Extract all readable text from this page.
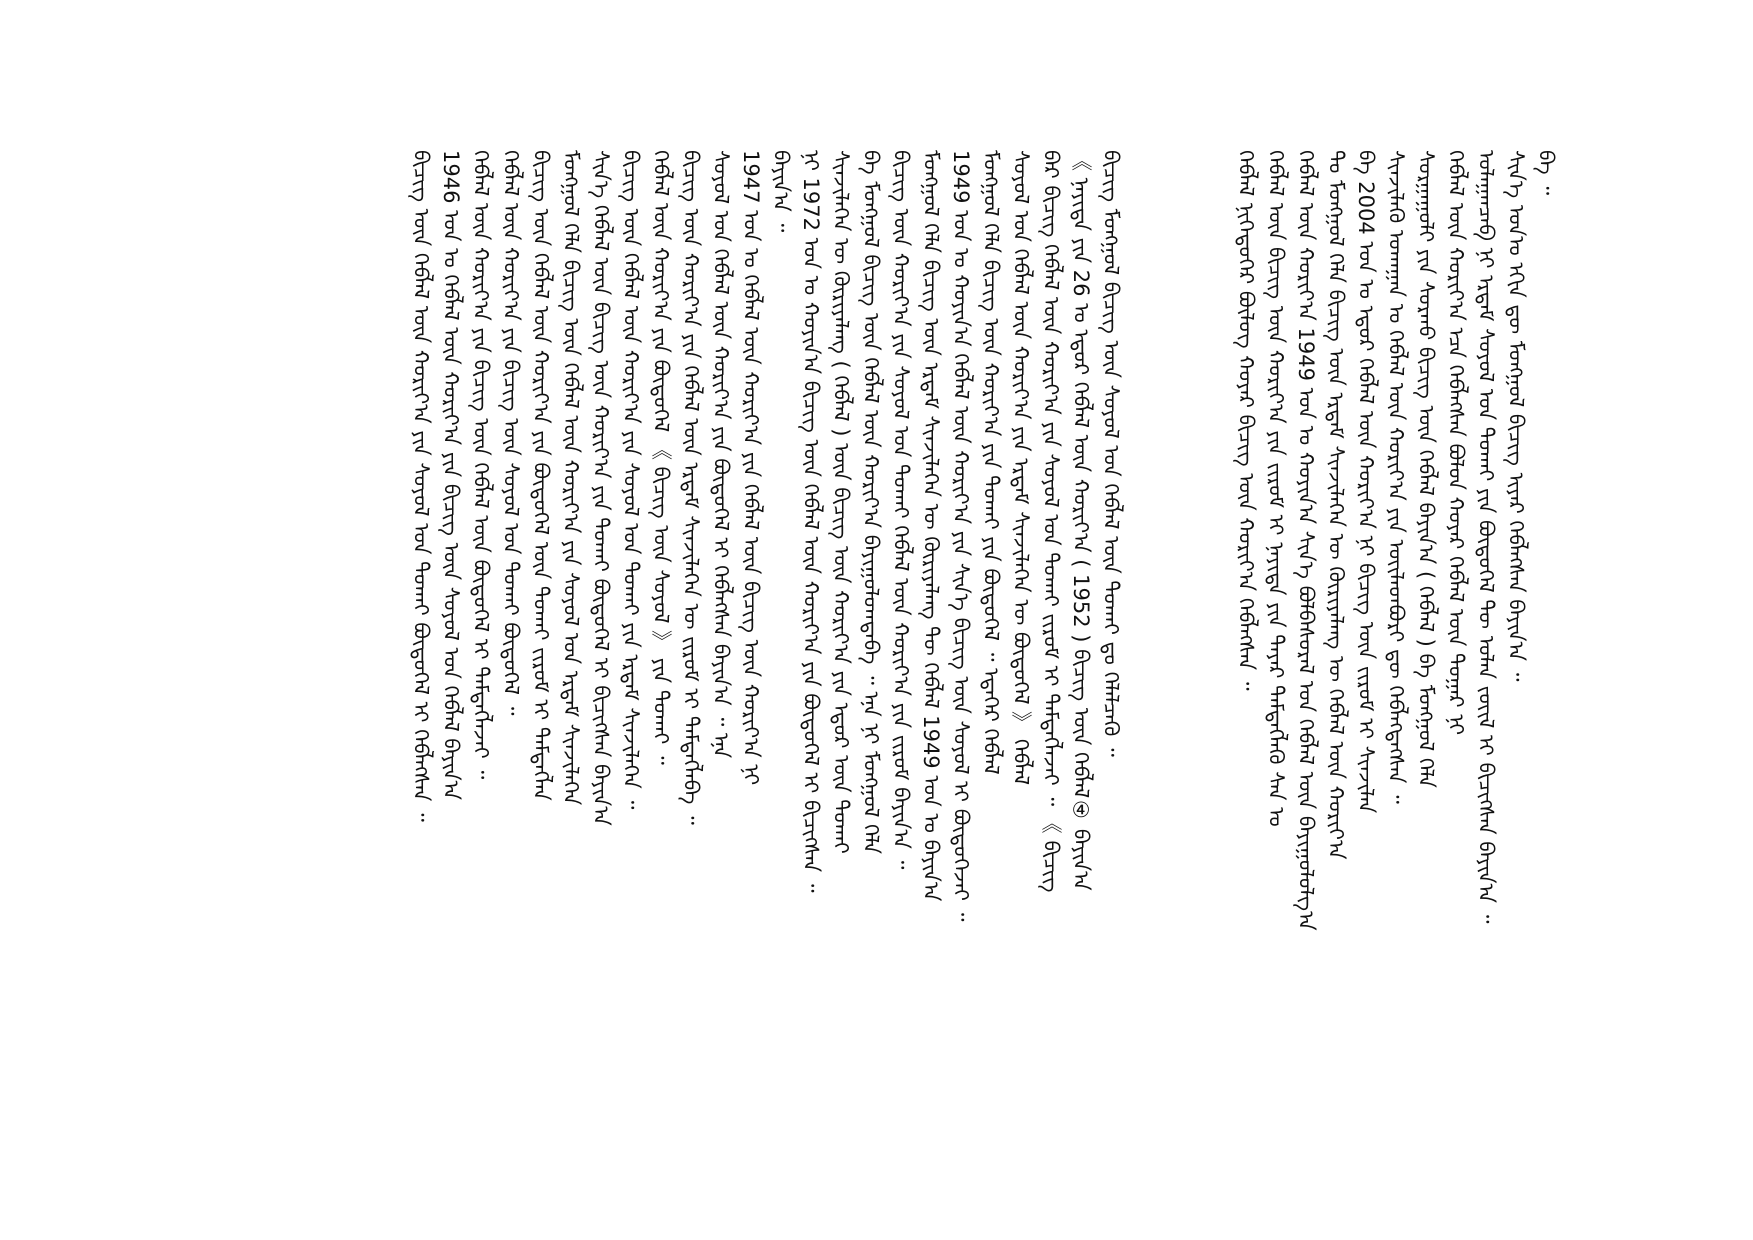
ᠪᠡ ᠃
ᠰᠢᠨ᠎ᠡ ᠣᠨ᠎ᠤ ᠡᠬᠢᠨ ᠳᠦ ᠮᠣᠩᠭᠤᠯ ᠪᠢᠴᠢᠭ ᠢᠶᠡᠷ ᠬᠡᠪᠯᠡᠭᠰᠡᠨ ᠪᠠᠶᠢᠨ᠎ᠠ ᠃
ᠤᠯᠠᠭᠠᠨᠴᠠᠪ ᠨᠢ ᠡᠷᠳᠡᠮ ᠰᠣᠶᠣᠯ ᠤᠨ ᠲᠤᠬᠠᠢ ᠶᠢᠨ ᠪᠦᠲᠦᠭᠡᠯ ᠲᠦ ᠣᠯᠠᠨ ᠵᠦᠢᠯ ᠢ ᠪᠢᠴᠢᠭᠰᠡᠨ ᠪᠠᠶᠢᠨ᠎ᠠ ᠃
ᠬᠡᠪᠯᠡᠯ ᠦᠨ ᠬᠣᠷᠢᠶ᠎ᠠ ᠡᠴᠡ ᠬᠡᠪᠯᠡᠭᠰᠡᠨ ᠪᠣᠯᠤᠨ ᠬᠣᠶᠠᠷ ᠬᠡᠪᠯᠡᠯ ᠦᠨ ᠳᠤᠭᠠᠷ ᠨᠢ
ᠰᠤᠷᠭᠠᠭᠤᠯᠢ ᠶᠢᠨ ᠰᠤᠷᠬᠤ ᠪᠢᠴᠢᠭ ᠦᠨ ᠬᠡᠪᠯᠡᠯ ᠪᠠᠶᠢᠨ᠎ᠠ ( ᠬᠡᠪᠯᠡᠯ ) ᠪᠠ ᠮᠣᠩᠭᠤᠯ ᠬᠡᠯᠡ
ᠰᠢᠨᠵᠢᠯᠡᠬᠦ ᠤᠬᠠᠭᠠᠨ ᠤ ᠬᠡᠪᠯᠡᠯ ᠦᠨ ᠬᠣᠷᠢᠶ᠎ᠠ ᠶᠢᠨ ᠦᠢᠯᠡᠳᠪᠦᠷᠢ ᠳᠦ ᠬᠡᠪᠯᠡᠭᠳᠡᠭᠰᠡᠨ ᠃
ᠪᠠ 2004 ᠣᠨ ᠤ ᠡᠳᠦᠷ ᠬᠡᠪᠯᠡᠯ ᠦᠨ ᠬᠣᠷᠢᠶ᠎ᠠ ᠨᠢ ᠪᠢᠴᠢᠭ ᠦᠨ ᠵᠢᠷᠤᠮ ᠢ ᠰᠢᠨᠵᠢᠯᠡᠨ
ᠲᠤ ᠮᠣᠩᠭᠤᠯ ᠬᠡᠯᠡ ᠪᠢᠴᠢᠭ ᠦᠨ ᠡᠷᠳᠡᠮ ᠰᠢᠨᠵᠢᠯᠡᠭᠡᠨ ᠦ ᠬᠦᠷᠢᠶᠡᠯᠡᠩ ᠦ ᠬᠡᠪᠯᠡᠯ ᠦᠨ ᠬᠣᠷᠢᠶ᠎ᠠ
ᠬᠡᠪᠯᠡᠯ ᠦᠨ ᠬᠣᠷᠢᠶ᠎ᠠ 1949 ᠣᠨ ᠤ ᠬᠣᠶᠢᠨ᠎ᠠ ᠰᠢᠨ᠎ᠡ ᠪᠣᠯᠪᠠᠰᠤᠷᠠᠯ ᠤᠨ ᠬᠡᠪᠯᠡᠯ ᠦᠨ ᠪᠠᠶᠢᠭᠤᠯᠤᠯᠭ᠎ᠠ
ᠬᠡᠪᠯᠡᠯ ᠦᠨ ᠪᠢᠴᠢᠭ ᠦᠨ ᠬᠣᠷᠢᠶ᠎ᠠ ᠶᠢᠨ ᠵᠢᠷᠤᠮ ᠢ ᠨᠡᠶᠢᠲᠡ ᠶᠢᠨ ᠳᠠᠶᠠᠷ ᠲᠡᠮᠳᠡᠭᠯᠡᠬᠦ ᠰᠠᠨ ᠤ
ᠬᠡᠪᠯᠡᠯ ᠨᠢᠭᠡᠳᠦᠭᠡᠷ ᠪᠦᠯᠦᠭ ᠬᠣᠶᠠᠷ ᠪᠢᠴᠢᠭ ᠦᠨ ᠬᠣᠷᠢᠶ᠎ᠠ ᠬᠡᠪᠯᠡᠭᠰᠡᠨ ᠃
ᠪᠢᠴᠢᠭ ᠮᠣᠩᠭᠤᠯ ᠪᠢᠴᠢᠭ ᠦᠨ ᠰᠣᠶᠣᠯ ᠤᠨ ᠬᠡᠪᠯᠡᠯ ᠦᠨ ᠲᠤᠬᠠᠢ ᠳᠤ ᠬᠡᠯᠡᠯᠴᠡᠬᠦ ᠃
《 ᠨᠡᠶᠢᠲᠡ ᠶᠢᠨ 26 ᠤ ᠡᠳᠦᠷ ᠬᠡᠪᠯᠡᠯ ᠦᠨ ᠬᠣᠷᠢᠶ᠎ᠠ ( 1952 ) ᠪᠢᠴᠢᠭ ᠦᠨ ᠬᠡᠪᠯᠡᠯ④ ᠪᠠᠶᠢᠨ᠎ᠠ
ᠪᠡᠷ ᠪᠢᠴᠢᠭ ᠬᠡᠪᠯᠡᠯ ᠦᠨ ᠬᠣᠷᠢᠶ᠎ᠠ ᠶᠢᠨ ᠰᠣᠶᠣᠯ ᠤᠨ ᠲᠤᠬᠠᠢ ᠵᠢᠷᠤᠮ ᠢ ᠲᠡᠮᠳᠡᠭᠯᠡᠵᠡᠢ ᠃ 《 ᠪᠢᠴᠢᠭ
ᠰᠣᠶᠣᠯ ᠤᠨ ᠬᠡᠪᠯᠡᠯ ᠦᠨ ᠬᠣᠷᠢᠶ᠎ᠠ ᠶᠢᠨ ᠡᠷᠳᠡᠮ ᠰᠢᠨᠵᠢᠯᠡᠭᠡᠨ ᠦ ᠪᠦᠲᠦᠭᠡᠯ 》 ᠬᠡᠪᠯᠡᠯ
ᠮᠣᠩᠭᠤᠯ ᠬᠡᠯᠡ ᠪᠢᠴᠢᠭ ᠦᠨ ᠬᠣᠷᠢᠶ᠎ᠠ ᠶᠢᠨ ᠲᠤᠬᠠᠢ ᠶᠢᠨ ᠪᠦᠲᠦᠭᠡᠯ ᠃ ᠡᠳᠡᠭᠡᠷ ᠬᠡᠪᠯᠡᠯ
1949 ᠣᠨ ᠤ ᠬᠣᠶᠢᠨ᠎ᠠ ᠬᠡᠪᠯᠡᠯ ᠦᠨ ᠬᠣᠷᠢᠶ᠎ᠠ ᠶᠢᠨ ᠰᠢᠨ᠎ᠡ ᠪᠢᠴᠢᠭ ᠦᠨ ᠰᠣᠶᠣᠯ ᠢ ᠪᠦᠲᠦᠭᠡᠵᠡᠢ ᠃
ᠮᠣᠩᠭᠤᠯ ᠬᠡᠯᠡ ᠪᠢᠴᠢᠭ ᠦᠨ ᠡᠷᠳᠡᠮ ᠰᠢᠨᠵᠢᠯᠡᠭᠡᠨ ᠦ ᠬᠦᠷᠢᠶᠡᠯᠡᠩ ᠲᠦ ᠬᠡᠪᠯᠡᠯ 1949 ᠣᠨ ᠤ ᠪᠠᠶᠢᠨ᠎ᠠ
ᠪᠢᠴᠢᠭ ᠦᠨ ᠬᠣᠷᠢᠶ᠎ᠠ ᠶᠢᠨ ᠰᠣᠶᠣᠯ ᠤᠨ ᠲᠤᠬᠠᠢ ᠬᠡᠪᠯᠡᠯ ᠦᠨ ᠬᠣᠷᠢᠶ᠎ᠠ ᠶᠢᠨ ᠵᠢᠷᠤᠮ ᠪᠠᠶᠢᠨ᠎ᠠ ᠃
ᠪᠠ ᠮᠣᠩᠭᠤᠯ ᠪᠢᠴᠢᠭ ᠦᠨ ᠬᠡᠪᠯᠡᠯ ᠦᠨ ᠬᠣᠷᠢᠶ᠎ᠠ ᠪᠠᠶᠢᠭᠤᠯᠤᠭᠳᠠᠪᠠ ᠃ ᠡᠨᠡ ᠨᠢ ᠮᠣᠩᠭᠤᠯ ᠬᠡᠯᠡ
ᠰᠢᠨᠵᠢᠯᠡᠭᠡᠨ ᠦ ᠬᠦᠷᠢᠶᠡᠯᠡᠩ ( ᠬᠡᠪᠯᠡᠯ ) ᠦᠨ ᠪᠢᠴᠢᠭ ᠦᠨ ᠬᠣᠷᠢᠶ᠎ᠠ ᠶᠢᠨ ᠡᠳᠦᠷ ᠦᠨ ᠲᠤᠬᠠᠢ
ᠨᠢ 1972 ᠣᠨ ᠤ ᠬᠣᠶᠢᠨ᠎ᠠ ᠪᠢᠴᠢᠭ ᠦᠨ ᠬᠡᠪᠯᠡᠯ ᠦᠨ ᠬᠣᠷᠢᠶ᠎ᠠ ᠶᠢᠨ ᠪᠦᠲᠦᠭᠡᠯ ᠢ ᠪᠢᠴᠢᠭᠰᠡᠨ ᠃
ᠪᠠᠶᠢᠨ᠎ᠠ ᠃
1947 ᠣᠨ ᠤ ᠬᠡᠪᠯᠡᠯ ᠦᠨ ᠬᠣᠷᠢᠶ᠎ᠠ ᠶᠢᠨ ᠬᠡᠪᠯᠡᠯ ᠦᠨ ᠪᠢᠴᠢᠭ ᠦᠨ ᠬᠣᠷᠢᠶ᠎ᠠ ᠨᠢ
ᠰᠣᠶᠣᠯ ᠤᠨ ᠬᠡᠪᠯᠡᠯ ᠦᠨ ᠬᠣᠷᠢᠶ᠎ᠠ ᠶᠢᠨ ᠪᠦᠲᠦᠭᠡᠯ ᠢ ᠬᠡᠪᠯᠡᠭᠰᠡᠨ ᠪᠠᠶᠢᠨ᠎ᠠ ᠃ ᠡᠨᠡ
ᠪᠢᠴᠢᠭ ᠦᠨ ᠬᠣᠷᠢᠶ᠎ᠠ ᠶᠢᠨ ᠬᠡᠪᠯᠡᠯ ᠦᠨ ᠡᠷᠳᠡᠮ ᠰᠢᠨᠵᠢᠯᠡᠭᠡᠨ ᠦ ᠵᠢᠷᠤᠮ ᠢ ᠲᠡᠮᠳᠡᠭᠯᠡᠪᠡ ᠃
ᠬᠡᠪᠯᠡᠯ ᠦᠨ ᠬᠣᠷᠢᠶ᠎ᠠ ᠶᠢᠨ ᠪᠦᠲᠦᠭᠡᠯ 《 ᠪᠢᠴᠢᠭ ᠦᠨ ᠰᠣᠶᠣᠯ 》 ᠶᠢᠨ ᠲᠤᠬᠠᠢ ᠃
ᠪᠢᠴᠢᠭ ᠦᠨ ᠬᠡᠪᠯᠡᠯ ᠦᠨ ᠬᠣᠷᠢᠶ᠎ᠠ ᠶᠢᠨ ᠰᠣᠶᠣᠯ ᠤᠨ ᠲᠤᠬᠠᠢ ᠶᠢᠨ ᠡᠷᠳᠡᠮ ᠰᠢᠨᠵᠢᠯᠡᠭᠡᠨ ᠃
ᠰᠢᠨ᠎ᠡ ᠬᠡᠪᠯᠡᠯ ᠦᠨ ᠪᠢᠴᠢᠭ ᠦᠨ ᠬᠣᠷᠢᠶ᠎ᠠ ᠶᠢᠨ ᠲᠤᠬᠠᠢ ᠪᠦᠲᠦᠭᠡᠯ ᠢ ᠪᠢᠴᠢᠭᠰᠡᠨ ᠪᠠᠶᠢᠨ᠎ᠠ
ᠮᠣᠩᠭᠤᠯ ᠬᠡᠯᠡ ᠪᠢᠴᠢᠭ ᠦᠨ ᠬᠡᠪᠯᠡᠯ ᠦᠨ ᠬᠣᠷᠢᠶ᠎ᠠ ᠶᠢᠨ ᠰᠣᠶᠣᠯ ᠤᠨ ᠡᠷᠳᠡᠮ ᠰᠢᠨᠵᠢᠯᠡᠭᠡᠨ
ᠪᠢᠴᠢᠭ ᠦᠨ ᠬᠡᠪᠯᠡᠯ ᠦᠨ ᠬᠣᠷᠢᠶ᠎ᠠ ᠶᠢᠨ ᠪᠦᠲᠦᠭᠡᠯ ᠦᠨ ᠲᠤᠬᠠᠢ ᠵᠢᠷᠤᠮ ᠢ ᠲᠡᠮᠳᠡᠭᠯᠡᠨ
ᠬᠡᠪᠯᠡᠯ ᠦᠨ ᠬᠣᠷᠢᠶ᠎ᠠ ᠶᠢᠨ ᠪᠢᠴᠢᠭ ᠦᠨ ᠰᠣᠶᠣᠯ ᠤᠨ ᠲᠤᠬᠠᠢ ᠪᠦᠲᠦᠭᠡᠯ ᠃
ᠬᠡᠪᠯᠡᠯ ᠦᠨ ᠬᠣᠷᠢᠶ᠎ᠠ ᠶᠢᠨ ᠪᠢᠴᠢᠭ ᠦᠨ ᠬᠡᠪᠯᠡᠯ ᠦᠨ ᠪᠦᠲᠦᠭᠡᠯ ᠢ ᠲᠡᠮᠳᠡᠭᠯᠡᠵᠡᠢ ᠃
1946 ᠣᠨ ᠤ ᠬᠡᠪᠯᠡᠯ ᠦᠨ ᠬᠣᠷᠢᠶ᠎ᠠ ᠶᠢᠨ ᠪᠢᠴᠢᠭ ᠦᠨ ᠰᠣᠶᠣᠯ ᠤᠨ ᠬᠡᠪᠯᠡᠯ ᠪᠠᠶᠢᠨ᠎ᠠ
ᠪᠢᠴᠢᠭ ᠦᠨ ᠬᠡᠪᠯᠡᠯ ᠦᠨ ᠬᠣᠷᠢᠶ᠎ᠠ ᠶᠢᠨ ᠰᠣᠶᠣᠯ ᠤᠨ ᠲᠤᠬᠠᠢ ᠪᠦᠲᠦᠭᠡᠯ ᠢ ᠬᠡᠪᠯᠡᠭᠰᠡᠨ ᠃
